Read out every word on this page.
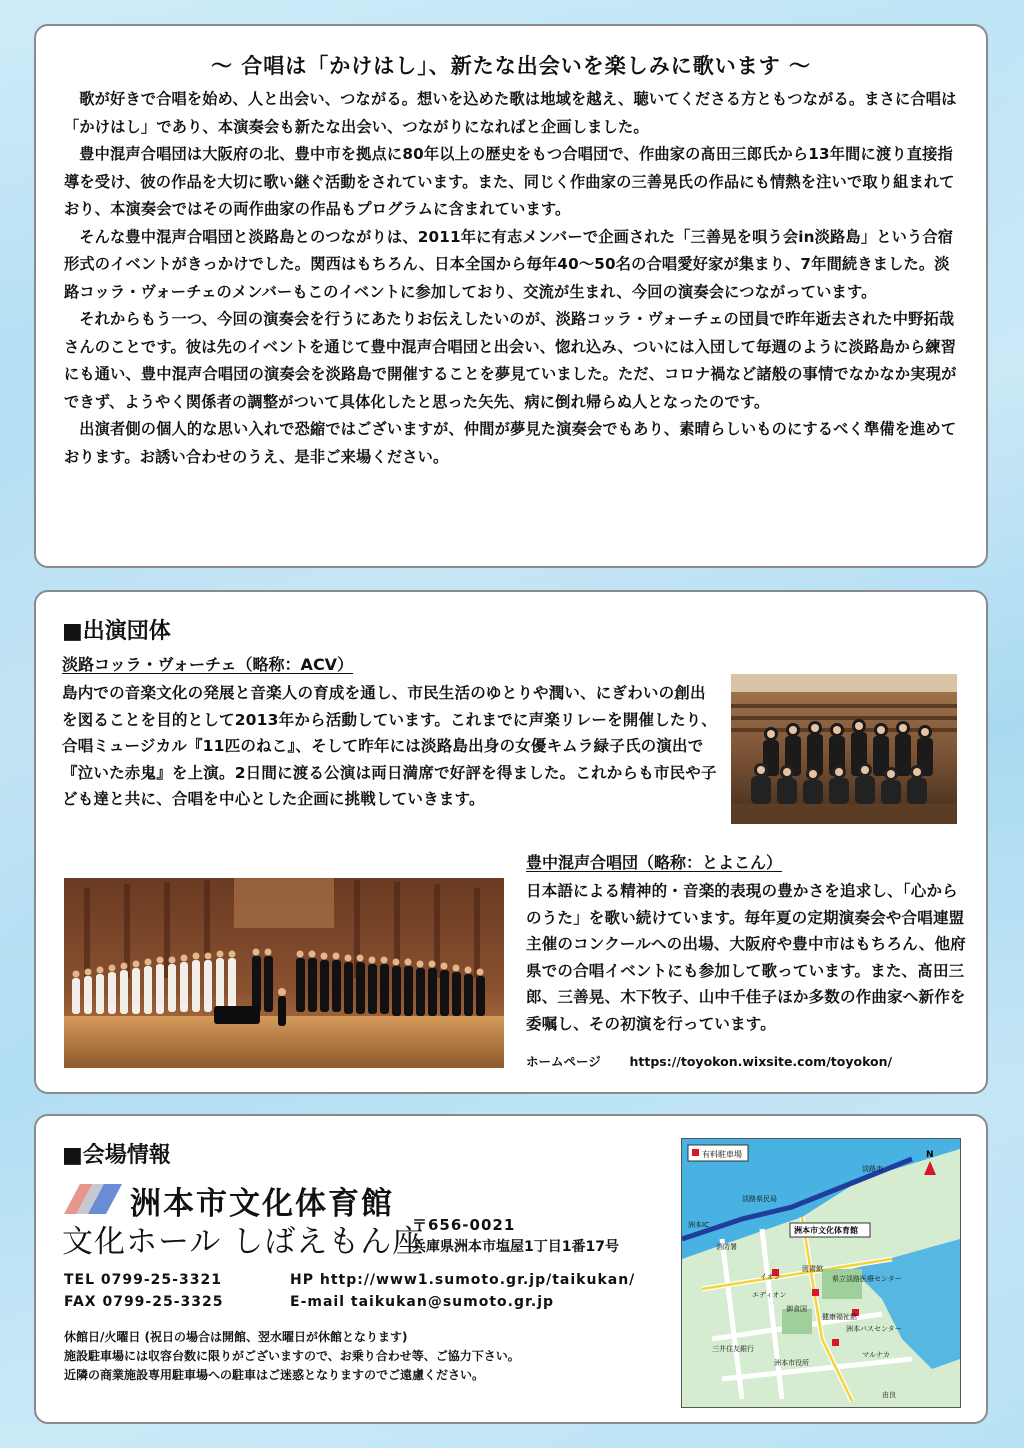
～ 合唱は「かけはし」、新たな出会いを楽しみに歌います ～

歌が好きで合唱を始め、人と出会い、つながる。想いを込めた歌は地域を越え、聴いてくださる方ともつながる。まさに合唱は「かけはし」であり、本演奏会も新たな出会い、つながりになればと企画しました。

豊中混声合唱団は大阪府の北、豊中市を拠点に80年以上の歴史をもつ合唱団で、作曲家の髙田三郎氏から13年間に渡り直接指導を受け、彼の作品を大切に歌い継ぐ活動をされています。また、同じく作曲家の三善晃氏の作品にも情熱を注いで取り組まれており、本演奏会ではその両作曲家の作品もプログラムに含まれています。

そんな豊中混声合唱団と淡路島とのつながりは、2011年に有志メンバーで企画された「三善晃を唄う会in淡路島」という合宿形式のイベントがきっかけでした。関西はもちろん、日本全国から毎年40～50名の合唱愛好家が集まり、7年間続きました。淡路コッラ・ヴォーチェのメンバーもこのイベントに参加しており、交流が生まれ、今回の演奏会につながっています。

それからもう一つ、今回の演奏会を行うにあたりお伝えしたいのが、淡路コッラ・ヴォーチェの団員で昨年逝去された中野拓哉さんのことです。彼は先のイベントを通じて豊中混声合唱団と出会い、惚れ込み、ついには入団して毎週のように淡路島から練習にも通い、豊中混声合唱団の演奏会を淡路島で開催することを夢見ていました。ただ、コロナ禍など諸般の事情でなかなか実現ができず、ようやく関係者の調整がついて具体化したと思った矢先、病に倒れ帰らぬ人となったのです。

出演者側の個人的な思い入れで恐縮ではございますが、仲間が夢見た演奏会でもあり、素晴らしいものにするべく準備を進めております。お誘い合わせのうえ、是非ご来場ください。

■出演団体
淡路コッラ・ヴォーチェ（略称：ACV）
島内での音楽文化の発展と音楽人の育成を通し、市民生活のゆとりや潤い、にぎわいの創出を図ることを目的として2013年から活動しています。これまでに声楽リレーを開催したり、合唱ミュージカル『11匹のねこ』、そして昨年には淡路島出身の女優キムラ緑子氏の演出で『泣いた赤鬼』を上演。2日間に渡る公演は両日満席で好評を得ました。これからも市民や子ども達と共に、合唱を中心とした企画に挑戦していきます。
豊中混声合唱団（略称：とよこん）
日本語による精神的・音楽的表現の豊かさを追求し、「心からのうた」を歌い続けています。毎年夏の定期演奏会や合唱連盟主催のコンクールへの出場、大阪府や豊中市はもちろん、他府県での合唱イベントにも参加して歌っています。また、髙田三郎、三善晃、木下牧子、山中千佳子ほか多数の作曲家へ新作を委嘱し、その初演を行っています。
ホームページ https://toyokon.wixsite.com/toyokon/
■会場情報
洲本市文化体育館
文化ホール しばえもん座
〒656-0021
兵庫県洲本市塩屋1丁目1番17号
TEL 0799-25-3321
FAX 0799-25-3325
HP http://www1.sumoto.gr.jp/taikukan/
E-mail taikukan@sumoto.gr.jp
休館日/火曜日 (祝日の場合は開館、翌水曜日が休館となります)
施設駐車場には収容台数に限りがございますので、お乗り合わせ等、ご協力下さい。
近隣の商業施設専用駐車場への駐車はご迷惑となりますのでご遠慮ください。
有料駐車場	N
洲本市文化体育館
淡路県民局
消防署
イオン
エディオン
図書館
県立淡路医療センター
御食国
健康福祉館
洲本バスセンター
三井住友銀行
洲本市役所
マルナカ
淡路市
由良
洲本IC
